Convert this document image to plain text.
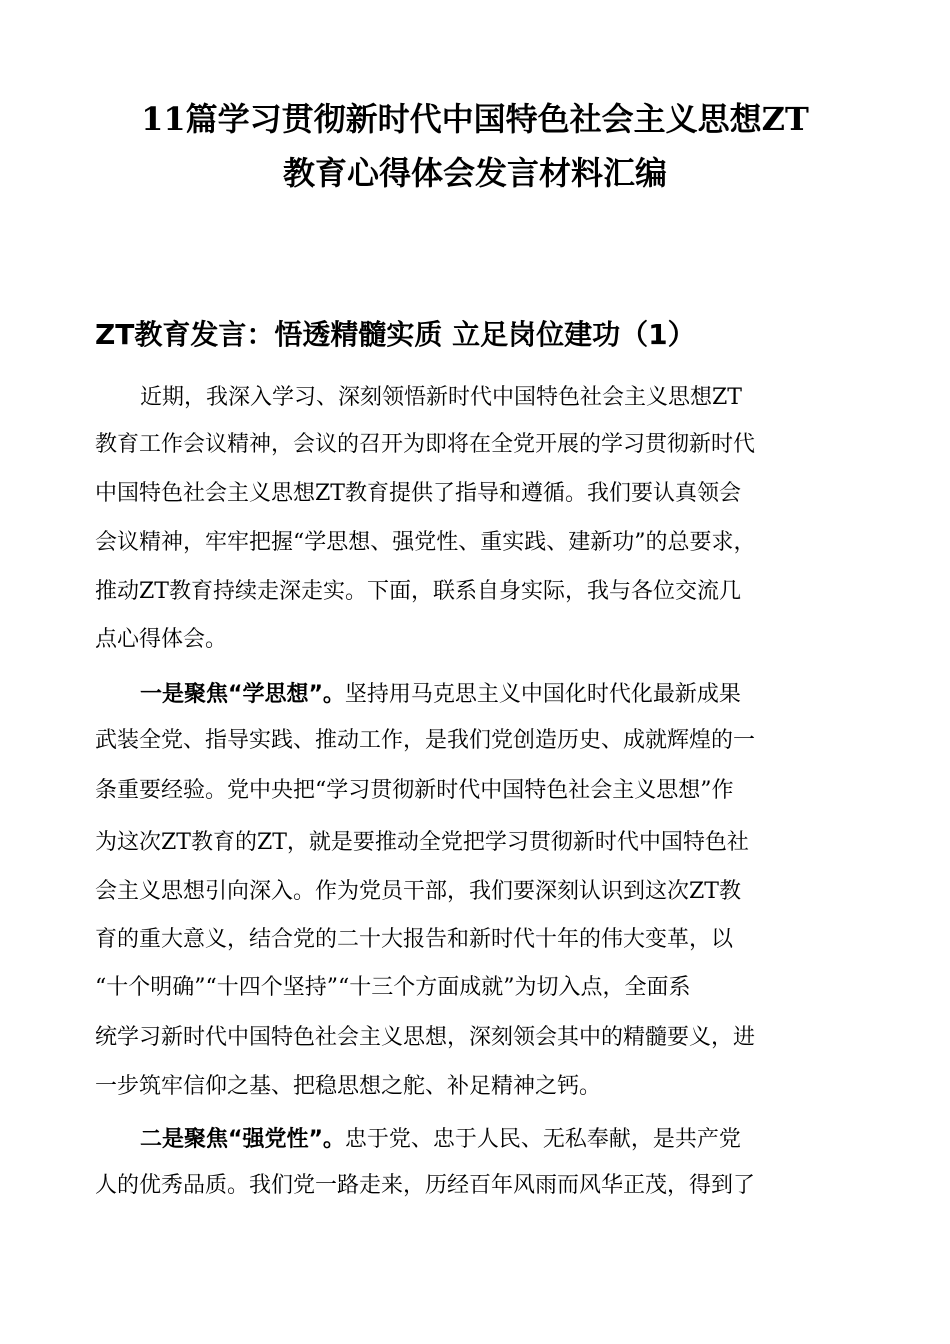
11篇学习贯彻新时代中国特色社会主义思想ZT
教育心得体会发言材料汇编
ZT教育发言：悟透精髓实质 立足岗位建功（1）

近期，我深入学习、深刻领悟新时代中国特色社会主义思想ZT

教育工作会议精神，会议的召开为即将在全党开展的学习贯彻新时代

中国特色社会主义思想ZT教育提供了指导和遵循。我们要认真领会

会议精神，牢牢把握“学思想、强党性、重实践、建新功”的总要求，

推动ZT教育持续走深走实。下面，联系自身实际，我与各位交流几

点心得体会。

一是聚焦“学思想”。坚持用马克思主义中国化时代化最新成果

武装全党、指导实践、推动工作，是我们党创造历史、成就辉煌的一

条重要经验。党中央把“学习贯彻新时代中国特色社会主义思想”作

为这次ZT教育的ZT，就是要推动全党把学习贯彻新时代中国特色社

会主义思想引向深入。作为党员干部，我们要深刻认识到这次ZT教

育的重大意义，结合党的二十大报告和新时代十年的伟大变革，以

“十个明确”“十四个坚持”“十三个方面成就”为切入点，全面系

统学习新时代中国特色社会主义思想，深刻领会其中的精髓要义，进

一步筑牢信仰之基、把稳思想之舵、补足精神之钙。

二是聚焦“强党性”。忠于党、忠于人民、无私奉献，是共产党

人的优秀品质。我们党一路走来，历经百年风雨而风华正茂，得到了
